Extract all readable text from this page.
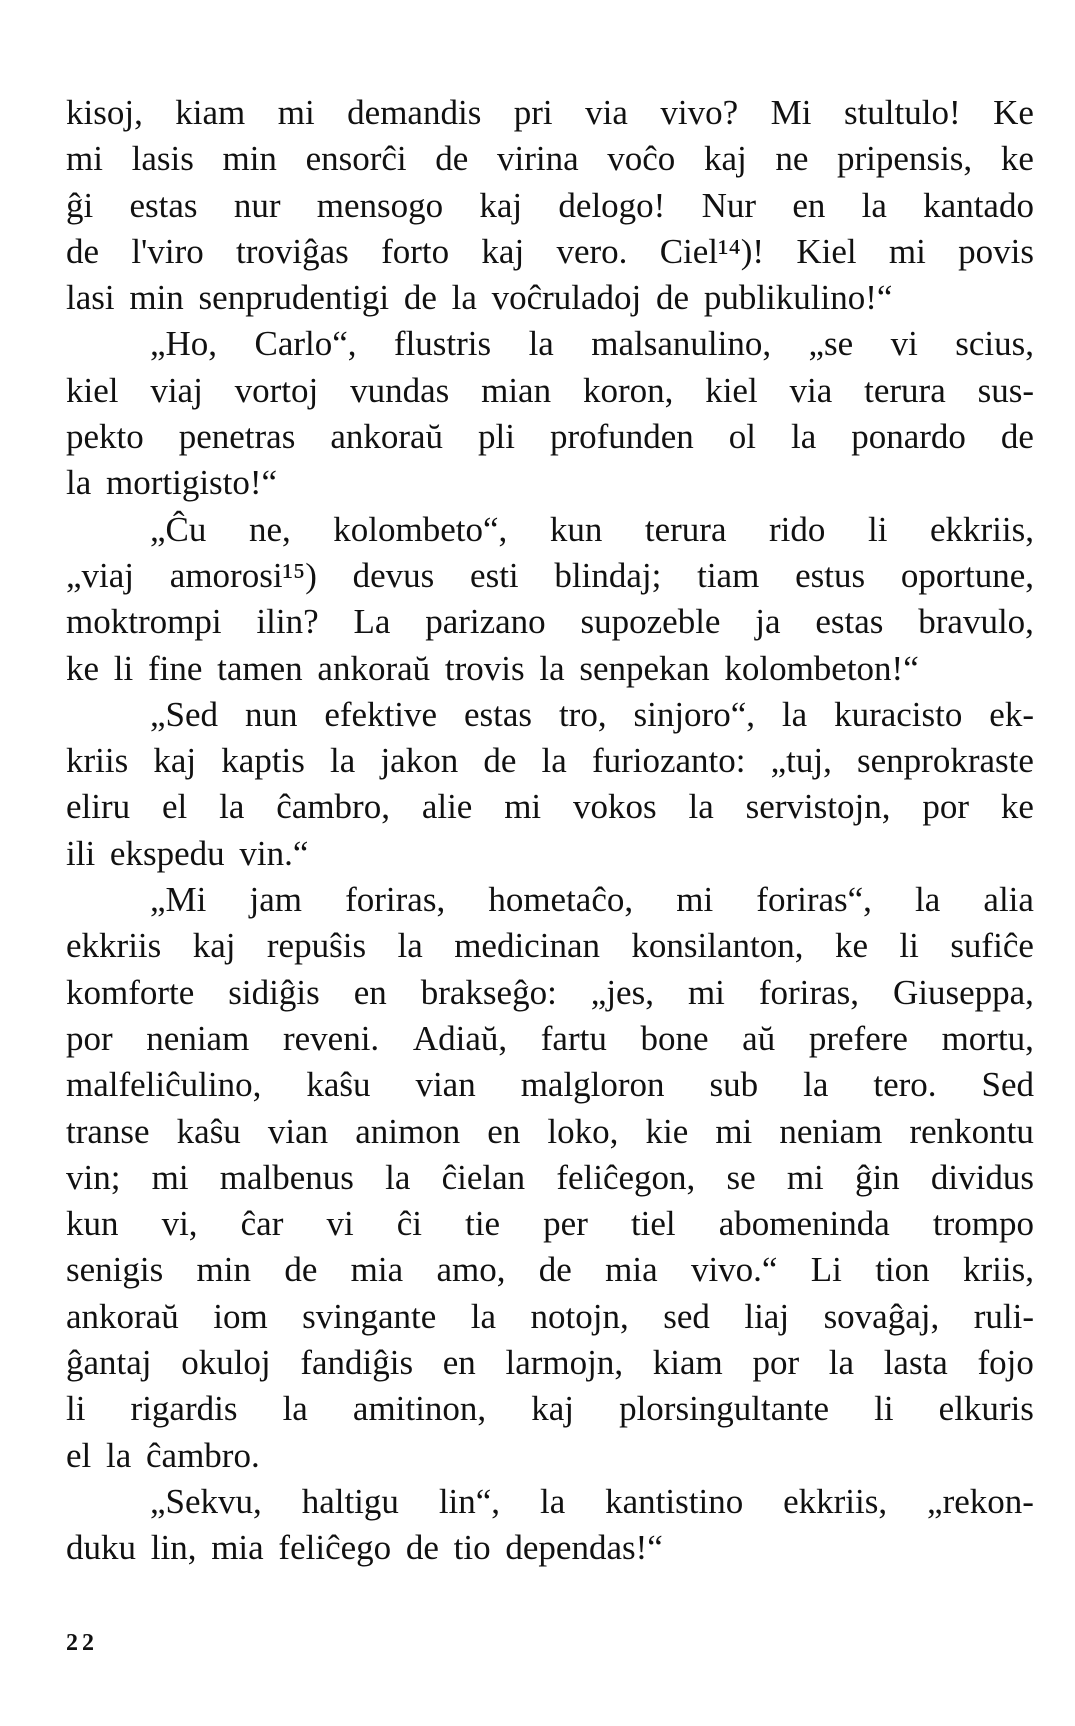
kisoj, kiam mi demandis pri via vivo? Mi stultulo! Ke
mi lasis min ensorĉi de virina voĉo kaj ne pripensis, ke
ĝi estas nur mensogo kaj delogo! Nur en la kantado
de l'viro troviĝas forto kaj vero. Ciel¹⁴)! Kiel mi povis
lasi min senprudentigi de la voĉruladoj de publikulino!“
„Ho, Carlo“, flustris la malsanulino, „se vi scius,
kiel viaj vortoj vundas mian koron, kiel via terura sus-
pekto penetras ankoraŭ pli profunden ol la ponardo de
la mortigisto!“
„Ĉu ne, kolombeto“, kun terura rido li ekkriis,
„viaj amorosi¹⁵) devus esti blindaj; tiam estus oportune,
moktrompi ilin? La parizano supozeble ja estas bravulo,
ke li fine tamen ankoraŭ trovis la senpekan kolombeton!“
„Sed nun efektive estas tro, sinjoro“, la kuracisto ek-
kriis kaj kaptis la jakon de la furiozanto: „tuj, senprokraste
eliru el la ĉambro, alie mi vokos la servistojn, por ke
ili ekspedu vin.“
„Mi jam foriras, hometaĉo, mi foriras“, la alia
ekkriis kaj repuŝis la medicinan konsilanton, ke li sufiĉe
komforte sidiĝis en brakseĝo: „jes, mi foriras, Giuseppa,
por neniam reveni. Adiaŭ, fartu bone aŭ prefere mortu,
malfeliĉulino, kaŝu vian malgloron sub la tero. Sed
transe kaŝu vian animon en loko, kie mi neniam renkontu
vin; mi malbenus la ĉielan feliĉegon, se mi ĝin dividus
kun vi, ĉar vi ĉi tie per tiel abomeninda trompo
senigis min de mia amo, de mia vivo.“ Li tion kriis,
ankoraŭ iom svingante la notojn, sed liaj sovaĝaj, ruli-
ĝantaj okuloj fandiĝis en larmojn, kiam por la lasta fojo
li rigardis la amitinon, kaj plorsingultante li elkuris
el la ĉambro.
„Sekvu, haltigu lin“, la kantistino ekkriis, „rekon-
duku lin, mia feliĉego de tio dependas!“
22
